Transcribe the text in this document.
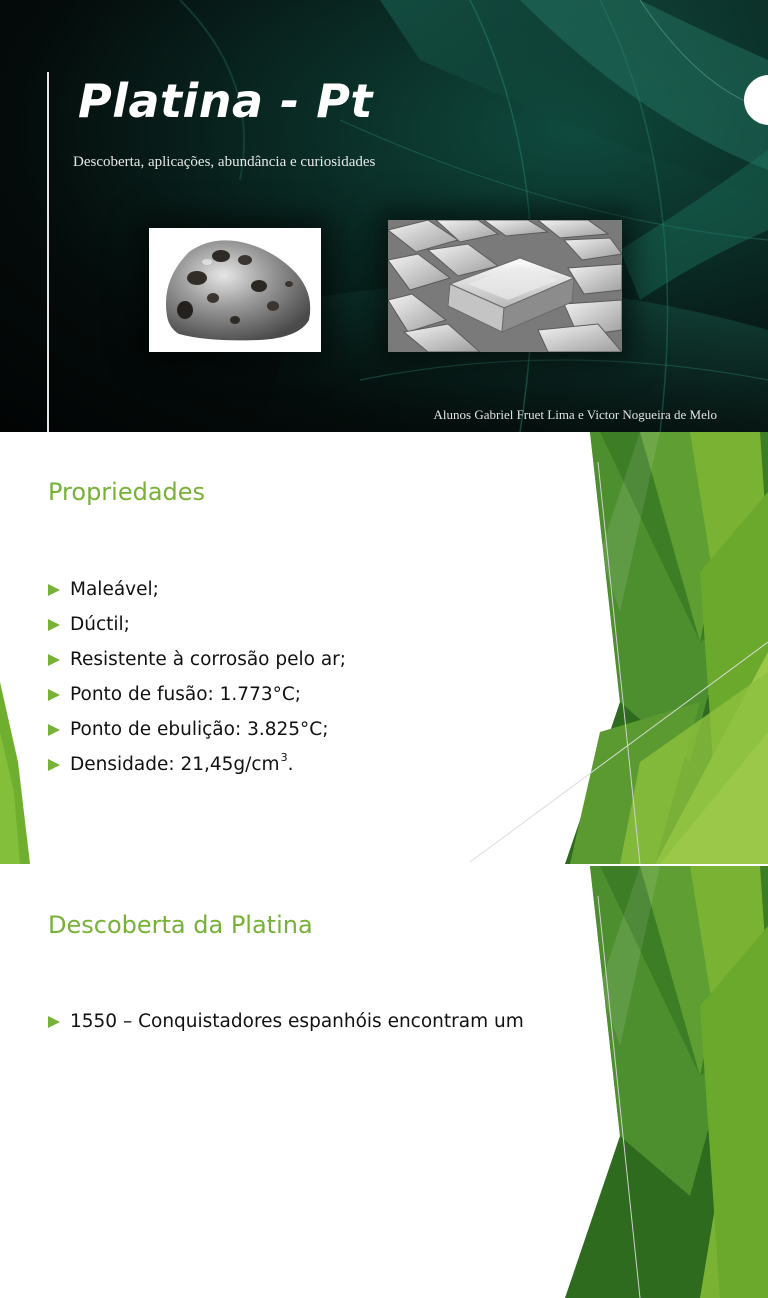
Platina - Pt

Descoberta, aplicações, abundância e curiosidades

Alunos Gabriel Fruet Lima e Victor Nogueira de Melo

Propriedades
Maleável;
Dúctil;
Resistente à corrosão pelo ar;
Ponto de fusão: 1.773°C;
Ponto de ebulição: 3.825°C;
Densidade: $21,45g/cm^3$.
Descoberta da Platina
1550 – Conquistadores espanhóis encontram um
